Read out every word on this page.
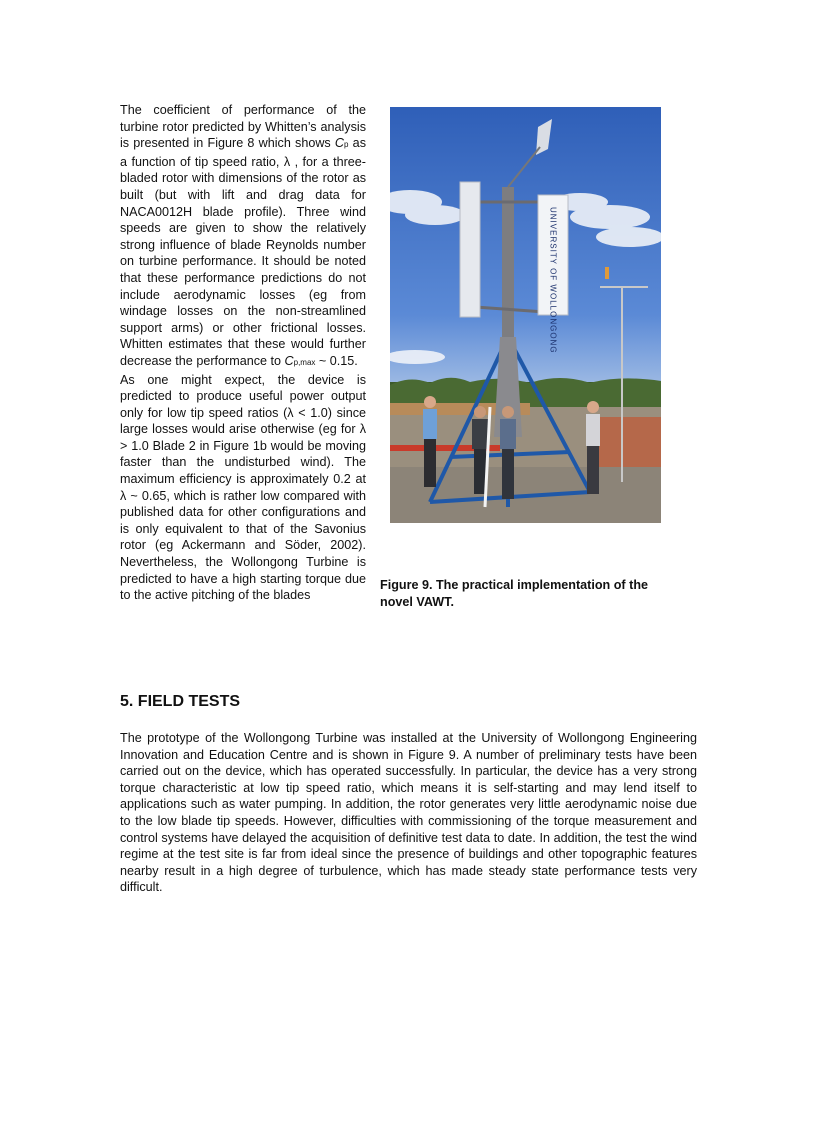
The coefficient of performance of the turbine rotor predicted by Whitten’s analysis is presented in Figure 8 which shows Cp as a function of tip speed ratio, λ , for a three-bladed rotor with dimensions of the rotor as built (but with lift and drag data for NACA0012H blade profile). Three wind speeds are given to show the relatively strong influence of blade Reynolds number on turbine performance. It should be noted that these performance predictions do not include aerodynamic losses (eg from windage losses on the non-streamlined support arms) or other frictional losses. Whitten estimates that these would further decrease the performance to Cp,max ~ 0.15.

As one might expect, the device is predicted to produce useful power output only for low tip speed ratios (λ < 1.0) since large losses would arise otherwise (eg for λ > 1.0 Blade 2 in Figure 1b would be moving faster than the undisturbed wind). The maximum efficiency is approximately 0.2 at λ ~ 0.65, which is rather low compared with published data for other configurations and is only equivalent to that of the Savonius rotor (eg Ackermann and Söder, 2002). Nevertheless, the Wollongong Turbine is predicted to have a high starting torque due to the active pitching of the blades

UNIVERSITY OF WOLLONGONG
Figure 9. The practical implementation of the novel VAWT.
5. FIELD TESTS

The prototype of the Wollongong Turbine was installed at the University of Wollongong Engineering Innovation and Education Centre and is shown in Figure 9. A number of preliminary tests have been carried out on the device, which has operated successfully. In particular, the device has a very strong torque characteristic at low tip speed ratio, which means it is self-starting and may lend itself to applications such as water pumping. In addition, the rotor generates very little aerodynamic noise due to the low blade tip speeds. However, difficulties with commissioning of the torque measurement and control systems have delayed the acquisition of definitive test data to date. In addition, the test the wind regime at the test site is far from ideal since the presence of buildings and other topographic features nearby result in a high degree of turbulence, which has made steady state performance tests very difficult.
